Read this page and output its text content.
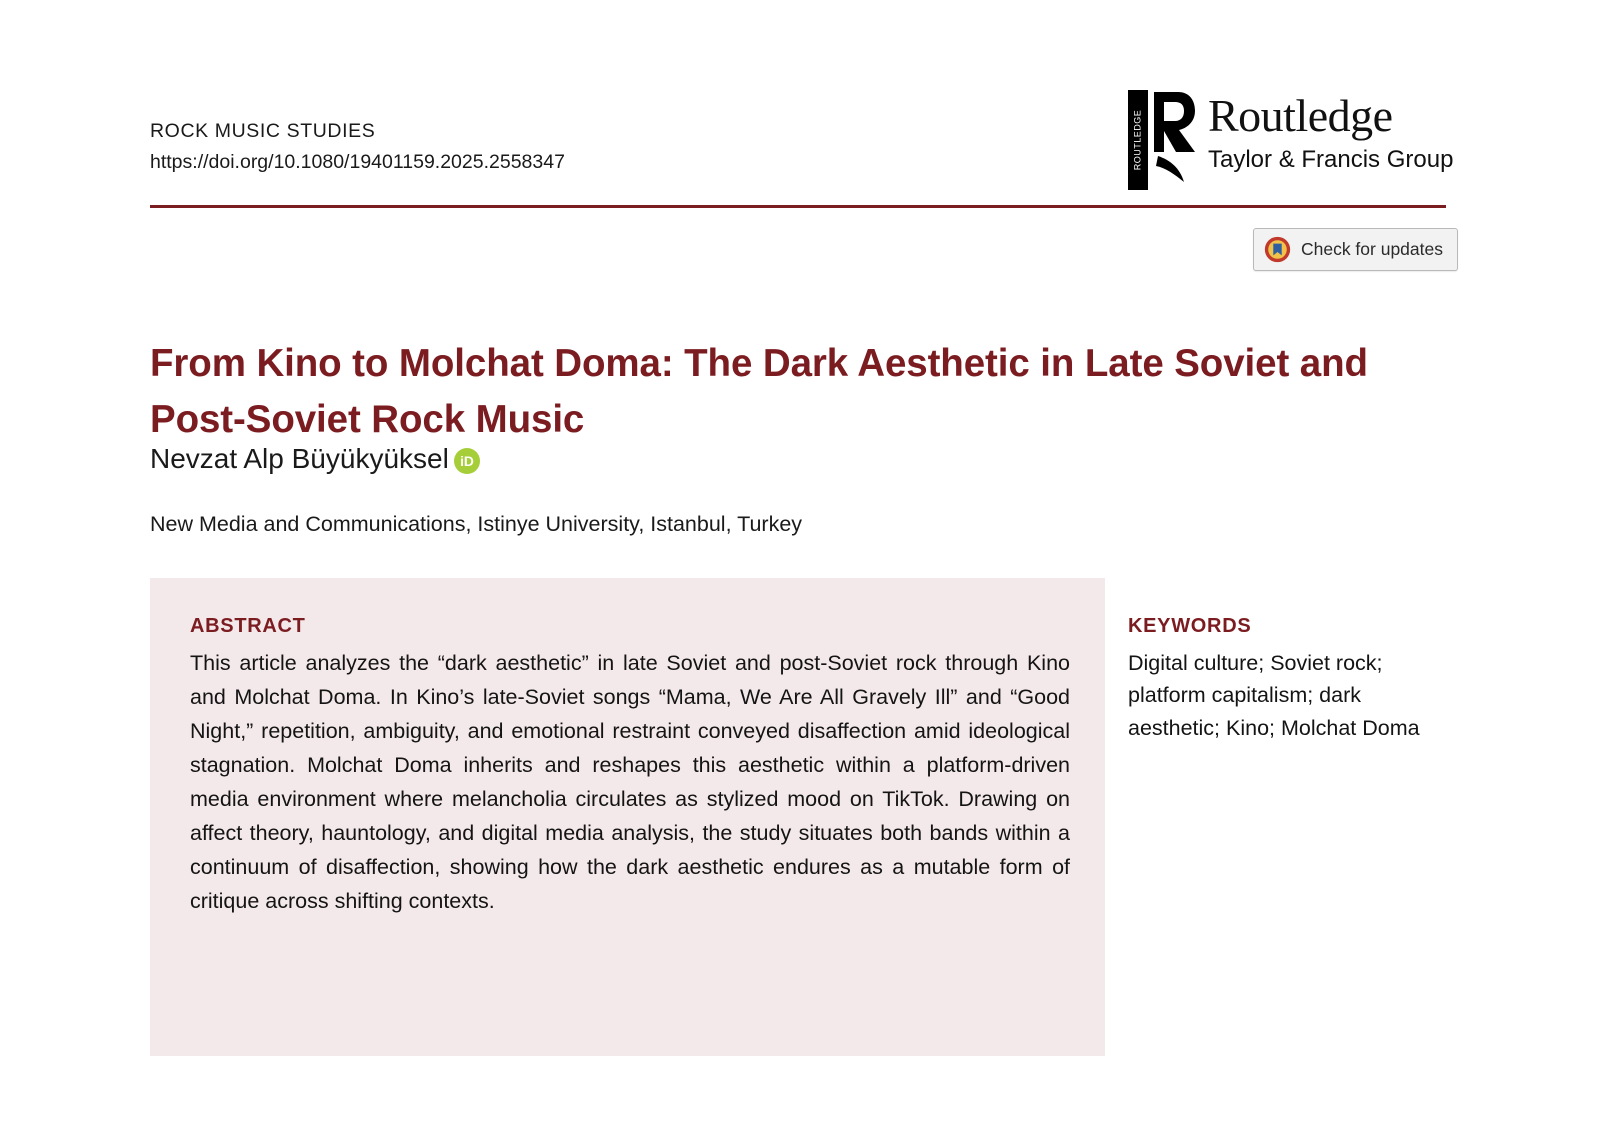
ROCK MUSIC STUDIES
https://doi.org/10.1080/19401159.2025.2558347	ROUTLEDGE Routledge
Taylor & Francis Group
Check for updates
From Kino to Molchat Doma: The Dark Aesthetic in Late Soviet and Post-Soviet Rock Music
Nevzat Alp Büyükyüksel iD
New Media and Communications, Istinye University, Istanbul, Turkey
ABSTRACT
This article analyzes the “dark aesthetic” in late Soviet and post-Soviet rock through Kino and Molchat Doma. In Kino’s late-Soviet songs “Mama, We Are All Gravely Ill” and “Good Night,” repetition, ambiguity, and emotional restraint conveyed disaffection amid ideological stagnation. Molchat Doma inherits and reshapes this aesthetic within a platform-driven media environment where melancholia circulates as stylized mood on TikTok. Drawing on affect theory, hauntology, and digital media analysis, the study situates both bands within a continuum of disaffection, showing how the dark aesthetic endures as a mutable form of critique across shifting contexts.
KEYWORDS
Digital culture; Soviet rock; platform capitalism; dark aesthetic; Kino; Molchat Doma
